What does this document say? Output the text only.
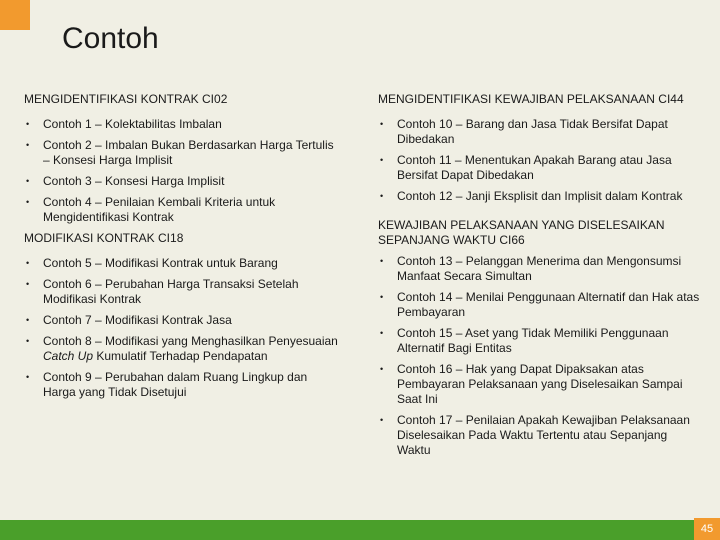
Contoh
MENGIDENTIFIKASI KONTRAK CI02
• Contoh 1 – Kolektabilitas Imbalan
• Contoh 2 – Imbalan Bukan Berdasarkan Harga Tertulis – Konsesi Harga Implisit
• Contoh 3 – Konsesi Harga Implisit
• Contoh 4 – Penilaian Kembali Kriteria untuk Mengidentifikasi Kontrak
MODIFIKASI KONTRAK CI18
• Contoh 5 – Modifikasi Kontrak untuk Barang
• Contoh 6 – Perubahan Harga Transaksi Setelah Modifikasi Kontrak
• Contoh 7 – Modifikasi Kontrak Jasa
• Contoh 8 – Modifikasi yang Menghasilkan Penyesuaian Catch Up Kumulatif Terhadap Pendapatan
• Contoh 9 – Perubahan dalam Ruang Lingkup dan Harga yang Tidak Disetujui
MENGIDENTIFIKASI KEWAJIBAN PELAKSANAAN CI44
• Contoh 10 – Barang dan Jasa Tidak Bersifat Dapat Dibedakan
• Contoh 11 – Menentukan Apakah Barang atau Jasa Bersifat Dapat Dibedakan
• Contoh 12 – Janji Eksplisit dan Implisit dalam Kontrak
KEWAJIBAN PELAKSANAAN YANG DISELESAIKAN SEPANJANG WAKTU CI66
• Contoh 13 – Pelanggan Menerima dan Mengonsumsi Manfaat Secara Simultan
• Contoh 14 – Menilai Penggunaan Alternatif dan Hak atas Pembayaran
• Contoh 15 – Aset yang Tidak Memiliki Penggunaan Alternatif Bagi Entitas
• Contoh 16 – Hak yang Dapat Dipaksakan atas Pembayaran Pelaksanaan yang Diselesaikan Sampai Saat Ini
• Contoh 17 – Penilaian Apakah Kewajiban Pelaksanaan Diselesaikan Pada Waktu Tertentu atau Sepanjang Waktu
45
